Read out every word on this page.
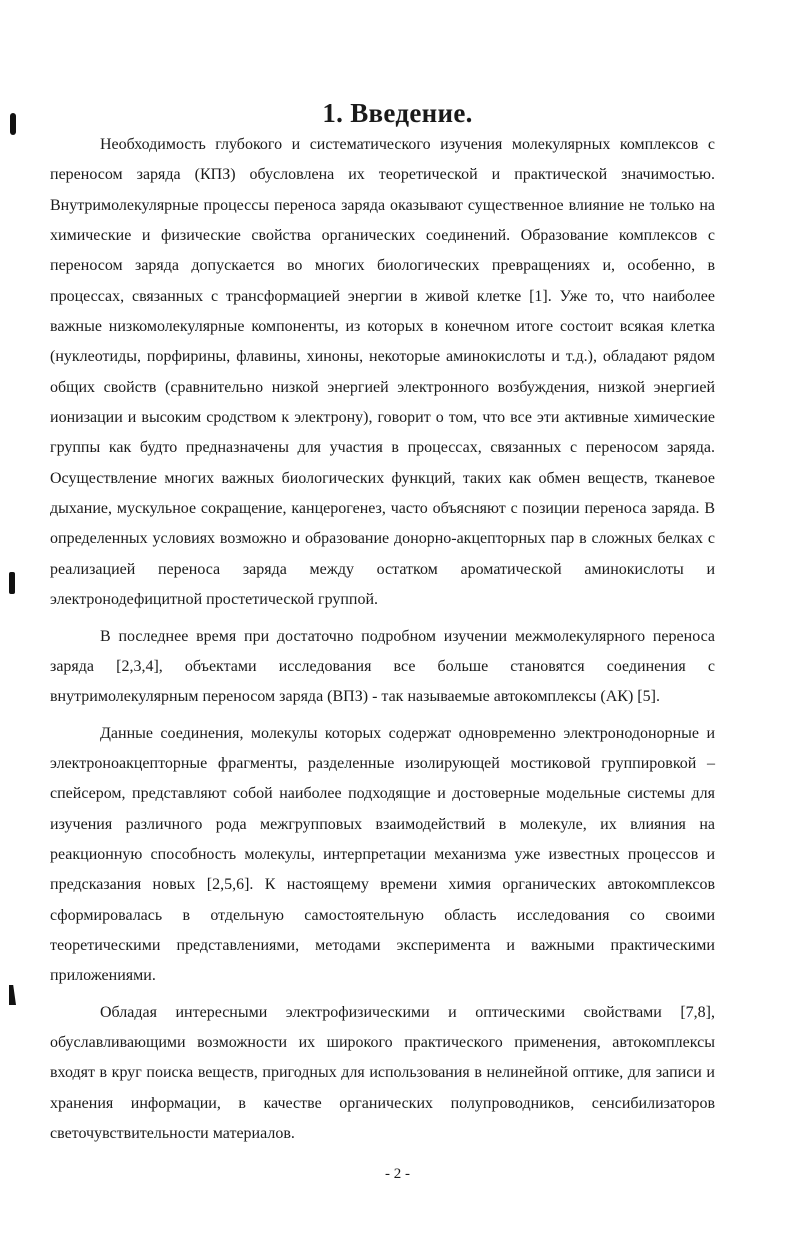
1. Введение.

Необходимость глубокого и систематического изучения молекулярных комплексов с переносом заряда (КПЗ) обусловлена их теоретической и практической значимостью. Внутримолекулярные процессы переноса заряда оказывают существенное влияние не только на химические и физические свойства органических соединений. Образование комплексов с переносом заряда допускается во многих биологических превращениях и, особенно, в процессах, связанных с трансформацией энергии в живой клетке [1]. Уже то, что наиболее важные низкомолекулярные компоненты, из которых в конечном итоге состоит всякая клетка (нуклеотиды, порфирины, флавины, хиноны, некоторые аминокислоты и т.д.), обладают рядом общих свойств (сравнительно низкой энергией электронного возбуждения, низкой энергией ионизации и высоким сродством к электрону), говорит о том, что все эти активные химические группы как будто предназначены для участия в процессах, связанных с переносом заряда. Осуществление многих важных биологических функций, таких как обмен веществ, тканевое дыхание, мускульное сокращение, канцерогенез, часто объясняют с позиции переноса заряда. В определенных условиях возможно и образование донорно-акцепторных пар в сложных белках с реализацией переноса заряда между остатком ароматической аминокислоты и электронодефицитной простетической группой.

В последнее время при достаточно подробном изучении межмолекулярного переноса заряда [2,3,4], объектами исследования все больше становятся соединения с внутримолекулярным переносом заряда (ВПЗ) - так называемые автокомплексы (АК) [5].

Данные соединения, молекулы которых содержат одновременно электронодонорные и электроноакцепторные фрагменты, разделенные изолирующей мостиковой группировкой – спейсером, представляют собой наиболее подходящие и достоверные модельные системы для изучения различного рода межгрупповых взаимодействий в молекуле, их влияния на реакционную способность молекулы, интерпретации механизма уже известных процессов и предсказания новых [2,5,6]. К настоящему времени химия органических автокомплексов сформировалась в отдельную самостоятельную область исследования со своими теоретическими представлениями, методами эксперимента и важными практическими приложениями.

Обладая интересными электрофизическими и оптическими свойствами [7,8], обуславливающими возможности их широкого практического применения, автокомплексы входят в круг поиска веществ, пригодных для использования в нелинейной оптике, для записи и хранения информации, в качестве органических полупроводников, сенсибилизаторов светочувствительности материалов.

- 2 -
